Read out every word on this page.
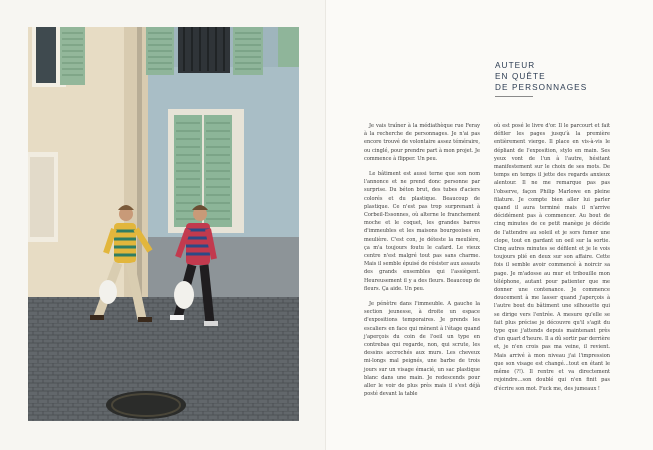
AUTEUR
EN QUÊTE
DE PERSONNAGES

Je vais traîner à la médiathèque rue Feray à la recherche de personnages. Je n'ai pas encore trouvé de volontaire assez téméraire, ou cinglé, pour prendre part à mon projet. Je commence à flipper. Un peu.

Le bâtiment est aussi terne que son nom l'annonce et ne prend donc personne par surprise. Du béton brut, des tubes d'aciers colorés et du plastique. Beaucoup de plastique. Ce n'est pas trop surprenant à Corbeil-Essonnes, où alterne le franchement moche et le coquet, les grandes barres d'immeubles et les maisons bourgeoises en meulière. C'est con, je déteste la meulière, ça m'a toujours foutu le cafard. Le vieux centre n'est malgré tout pas sans charme. Mais il semble épuisé de résister aux assauts des grands ensembles qui l'assiègent. Heureusement il y a des fleurs. Beaucoup de fleurs. Ça aide. Un peu.

Je pénètre dans l'immeuble. A gauche la section jeunesse, à droite un espace d'expositions temporaires. Je prends les escaliers en face qui mènent à l'étage quand j'aperçois du coin de l'oeil un type en contrebas qui regarde, non, qui scrute, les dessins accrochés aux murs. Les cheveux mi-longs mal peignés, une barbe de trois jours sur un visage émacié, un sac plastique blanc dans une main. Je redescends pour aller le voir de plus près mais il s'est déjà posté devant la table

où est posé le livre d'or. Il le parcourt et fait défiler les pages jusqu'à la première entièrement vierge. Il place en vis-à-vis le dépliant de l'exposition, stylo en main. Ses yeux vont de l'un à l'autre, hésitant manifestement sur le choix de ses mots. De temps en temps il jette des regards anxieux alentour. Il ne me remarque pas pas l'observe, façon Philip Marlowe en pleine filature. Je compte bien aller lui parler quand il aura terminé mais il n'arrive décidément pas à commencer. Au bout de cinq minutes de ce petit manège je décide de l'attendre au soleil et je sors fumer une clope, tout en gardant un oeil sur la sortie. Cinq autres minutes se défilent et je le vois toujours plié en deux sur son affaire. Cette fois il semble avoir commencé à noircir sa page. Je m'adosse au mur et tribouille mon téléphone, autant pour patienter que me donner une contenance. Je commence doucement à me lasser quand j'aperçois à l'autre bout du bâtiment une silhouette qui se dirige vers l'entrée. A mesure qu'elle se fait plus précise je découvre qu'il s'agit du type que j'attends depuis maintenant près d'un quart d'heure. Il a dû sortir par derrière et, je n'en crois pas ma veine, il revient. Mais arrivé à mon niveau j'ai l'impression que son visage est changé…tout en étant le même (?!). Il rentre et va directement rejoindre…son doublé qui n'en finit pas d'écrire son mot. Fuck me, des jumeaux !
